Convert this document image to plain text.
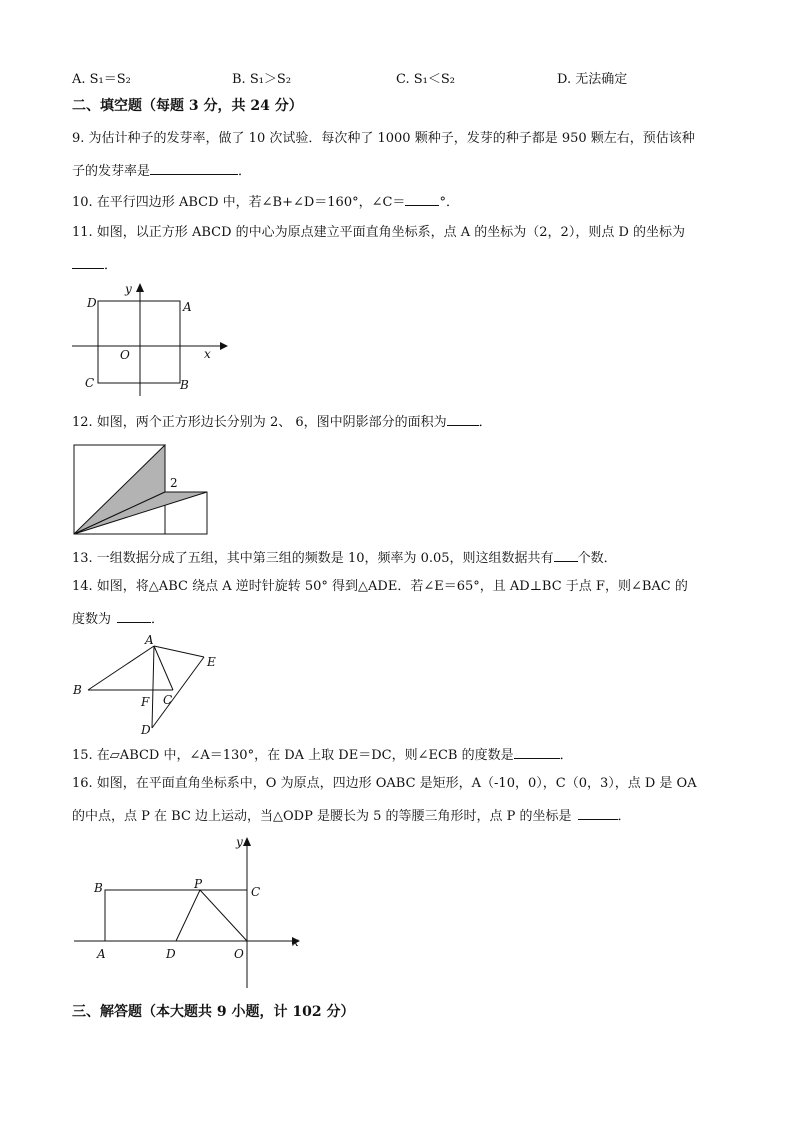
A. S₁＝S₂	B. S₁＞S₂	C. S₁＜S₂	D. 无法确定
二、填空题（每题 3 分，共 24 分）
9. 为估计种子的发芽率，做了 10 次试验．每次种了 1000 颗种子，发芽的种子都是 950 颗左右，预估该种
子的发芽率是	．
10. 在平行四边形 ABCD 中，若∠B+∠D＝160°，∠C＝	°．
11. 如图，以正方形 ABCD 的中心为原点建立平面直角坐标系，点 A 的坐标为（2，2），则点 D 的坐标为
．
D
y
A
O	x
C	B
12. 如图，两个正方形边长分别为 2、 6，图中阴影部分的面积为 ．
2
13. 一组数据分成了五组，其中第三组的频数是 10，频率为 0.05，则这组数据共有 个数．
14. 如图，将△ABC 绕点 A 逆时针旋转 50° 得到△ADE．若∠E＝65°，且 AD⊥BC 于点 F，则∠BAC 的
度数为	．
A
E
B
F C
D
15. 在▱ABCD 中，∠A＝130°，在 DA 上取 DE＝DC，则∠ECB 的度数是	．
16. 如图，在平面直角坐标系中，O 为原点，四边形 OABC 是矩形，A（-10，0），C（0，3），点 D 是 OA
的中点，点 P 在 BC 边上运动，当△ODP 是腰长为 5 的等腰三角形时，点 P 的坐标是	．
y
B	P
C
A	D	O
x
三、解答题（本大题共 9 小题，计 102 分）
